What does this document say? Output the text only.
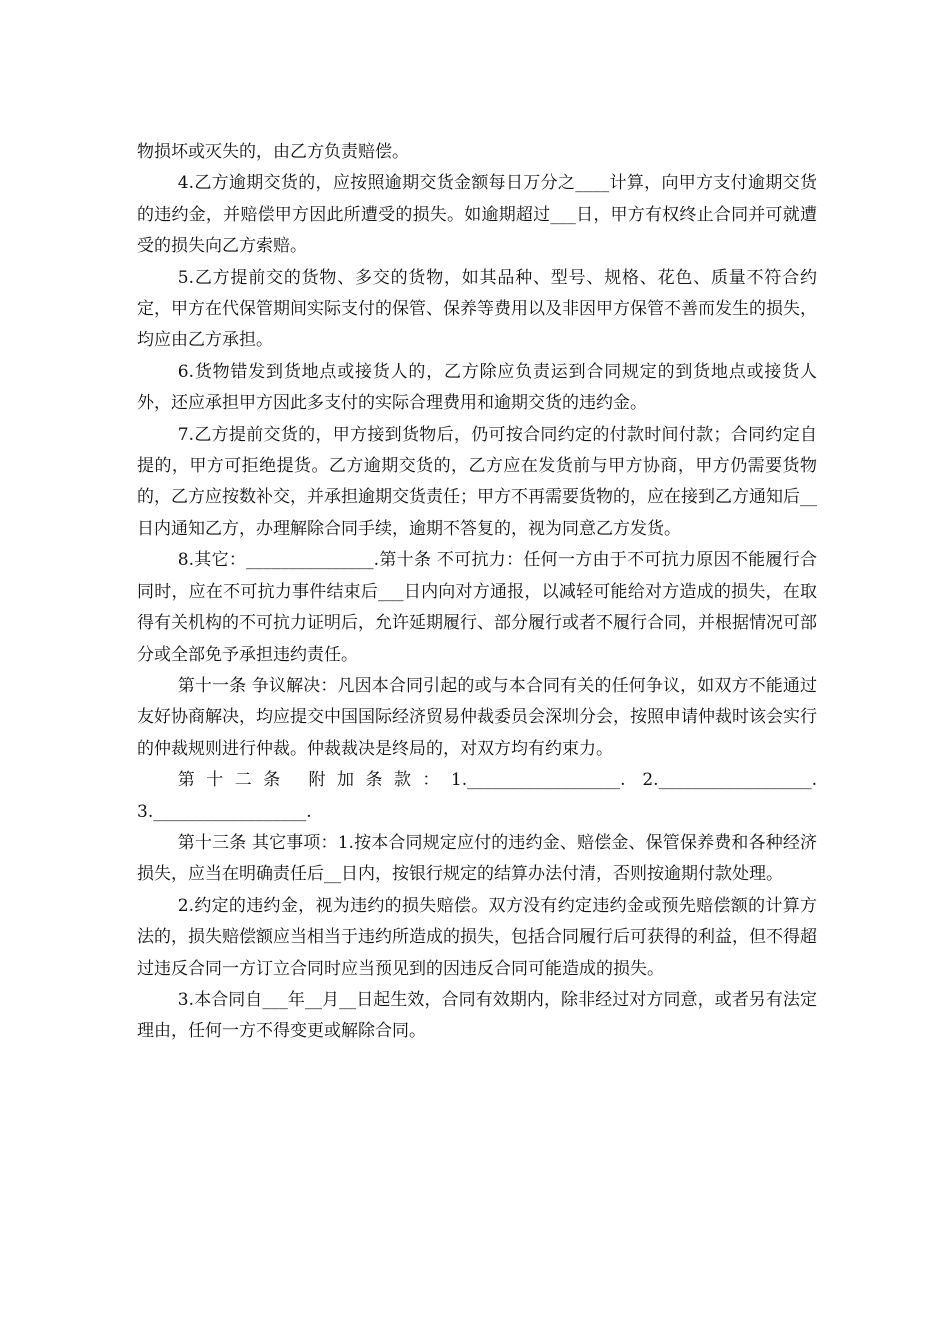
物损坏或灭失的，由乙方负责赔偿。

4.乙方逾期交货的，应按照逾期交货金额每日万分之____计算，向甲方支付逾期交货的违约金，并赔偿甲方因此所遭受的损失。如逾期超过___日，甲方有权终止合同并可就遭受的损失向乙方索赔。

5.乙方提前交的货物、多交的货物，如其品种、型号、规格、花色、质量不符合约定，甲方在代保管期间实际支付的保管、保养等费用以及非因甲方保管不善而发生的损失，均应由乙方承担。

6.货物错发到货地点或接货人的，乙方除应负责运到合同规定的到货地点或接货人外，还应承担甲方因此多支付的实际合理费用和逾期交货的违约金。

7.乙方提前交货的，甲方接到货物后，仍可按合同约定的付款时间付款；合同约定自提的，甲方可拒绝提货。乙方逾期交货的，乙方应在发货前与甲方协商，甲方仍需要货物的，乙方应按数补交，并承担逾期交货责任；甲方不再需要货物的，应在接到乙方通知后__日内通知乙方，办理解除合同手续，逾期不答复的，视为同意乙方发货。

8.其它：_______________.第十条 不可抗力：任何一方由于不可抗力原因不能履行合同时，应在不可抗力事件结束后___日内向对方通报，以减轻可能给对方造成的损失，在取得有关机构的不可抗力证明后，允许延期履行、部分履行或者不履行合同，并根据情况可部分或全部免予承担违约责任。

第十一条 争议解决：凡因本合同引起的或与本合同有关的任何争议，如双方不能通过友好协商解决，均应提交中国国际经济贸易仲裁委员会深圳分会，按照申请仲裁时该会实行的仲裁规则进行仲裁。仲裁裁决是终局的，对双方均有约束力。

第十二条 附加条款：1.__________________. 2.__________________. 3.__________________.

第十三条 其它事项：1.按本合同规定应付的违约金、赔偿金、保管保养费和各种经济损失，应当在明确责任后__日内，按银行规定的结算办法付清，否则按逾期付款处理。

2.约定的违约金，视为违约的损失赔偿。双方没有约定违约金或预先赔偿额的计算方法的，损失赔偿额应当相当于违约所造成的损失，包括合同履行后可获得的利益，但不得超过违反合同一方订立合同时应当预见到的因违反合同可能造成的损失。

3.本合同自___年__月__日起生效，合同有效期内，除非经过对方同意，或者另有法定理由，任何一方不得变更或解除合同。
